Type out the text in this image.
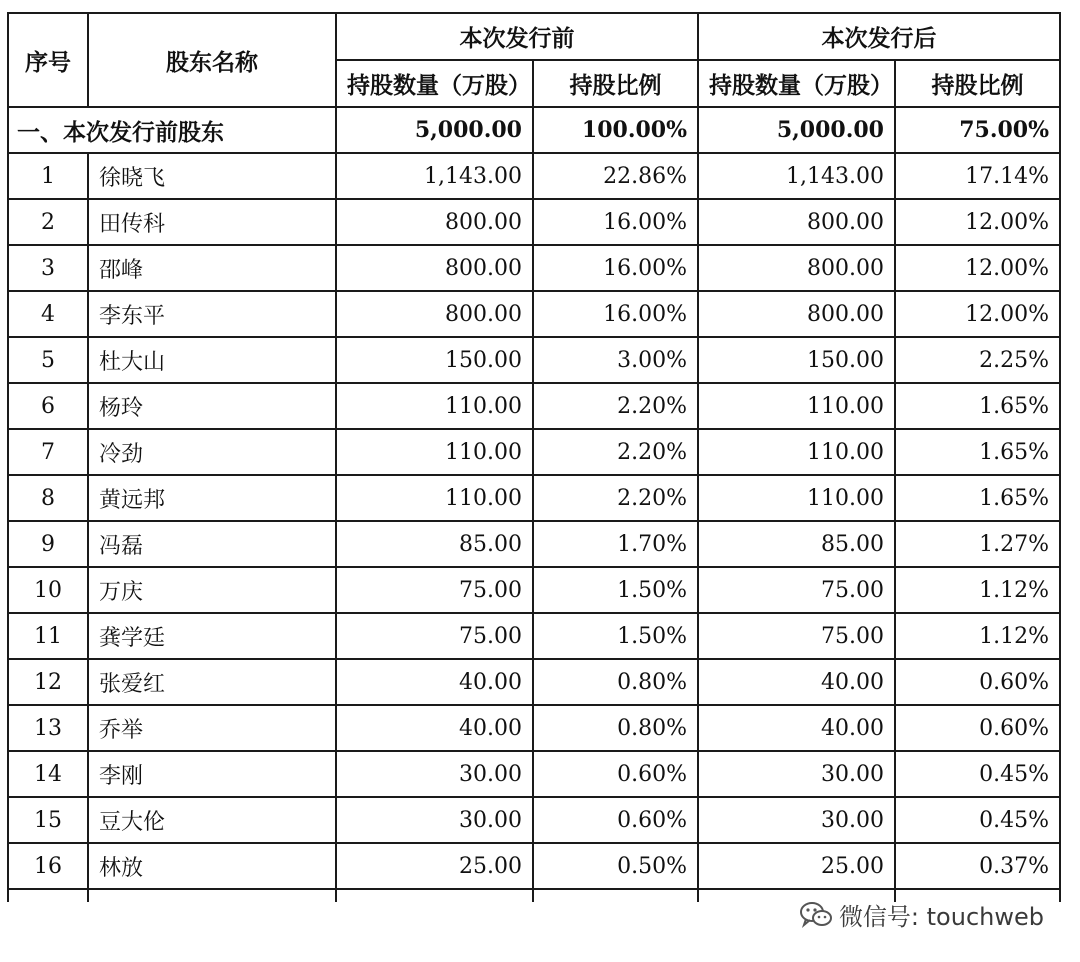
序号	股东名称	本次发行前		本次发行后	
		持股数量（万股）	持股比例	持股数量（万股）	持股比例
一、本次发行前股东		5,000.00	100.00%	5,000.00	75.00%
1	徐晓飞	1,143.00	22.86%	1,143.00	17.14%
2	田传科	800.00	16.00%	800.00	12.00%
3	邵峰	800.00	16.00%	800.00	12.00%
4	李东平	800.00	16.00%	800.00	12.00%
5	杜大山	150.00	3.00%	150.00	2.25%
6	杨玲	110.00	2.20%	110.00	1.65%
7	冷劲	110.00	2.20%	110.00	1.65%
8	黄远邦	110.00	2.20%	110.00	1.65%
9	冯磊	85.00	1.70%	85.00	1.27%
10	万庆	75.00	1.50%	75.00	1.12%
11	龚学廷	75.00	1.50%	75.00	1.12%
12	张爱红	40.00	0.80%	40.00	0.60%
13	乔举	40.00	0.80%	40.00	0.60%
14	李刚	30.00	0.60%	30.00	0.45%
15	豆大伦	30.00	0.60%	30.00	0.45%
16	林放	25.00	0.50%	25.00	0.37%

微信号: touchweb
